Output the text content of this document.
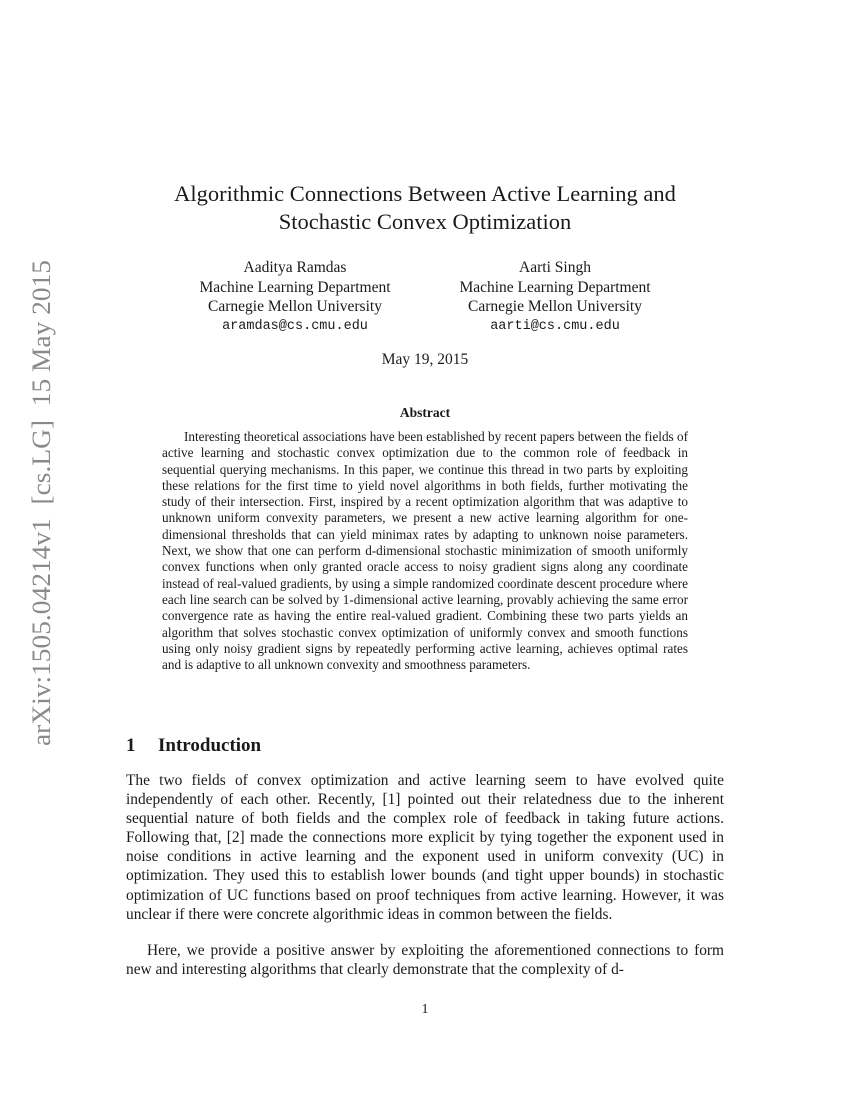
arXiv:1505.04214v1  [cs.LG]  15 May 2015
Algorithmic Connections Between Active Learning and
Stochastic Convex Optimization
Aaditya Ramdas
Machine Learning Department
Carnegie Mellon University
aramdas@cs.cmu.edu
Aarti Singh
Machine Learning Department
Carnegie Mellon University
aarti@cs.cmu.edu
May 19, 2015
Abstract
Interesting theoretical associations have been established by recent papers between the fields of active learning and stochastic convex optimization due to the common role of feedback in sequential querying mechanisms. In this paper, we continue this thread in two parts by exploiting these relations for the first time to yield novel algorithms in both fields, further motivating the study of their intersection. First, inspired by a recent optimization algorithm that was adaptive to unknown uniform convexity parameters, we present a new active learning algorithm for one-dimensional thresholds that can yield minimax rates by adapting to unknown noise parameters. Next, we show that one can perform d-dimensional stochastic minimization of smooth uniformly convex functions when only granted oracle access to noisy gradient signs along any coordinate instead of real-valued gradients, by using a simple randomized coordinate descent procedure where each line search can be solved by 1-dimensional active learning, provably achieving the same error convergence rate as having the entire real-valued gradient. Combining these two parts yields an algorithm that solves stochastic convex optimization of uniformly convex and smooth functions using only noisy gradient signs by repeatedly performing active learning, achieves optimal rates and is adaptive to all unknown convexity and smoothness parameters.
1 Introduction
The two fields of convex optimization and active learning seem to have evolved quite independently of each other. Recently, [1] pointed out their relatedness due to the inherent sequential nature of both fields and the complex role of feedback in taking future actions. Following that, [2] made the connections more explicit by tying together the exponent used in noise conditions in active learning and the exponent used in uniform convexity (UC) in optimization. They used this to establish lower bounds (and tight upper bounds) in stochastic optimization of UC functions based on proof techniques from active learning. However, it was unclear if there were concrete algorithmic ideas in common between the fields.
Here, we provide a positive answer by exploiting the aforementioned connections to form new and interesting algorithms that clearly demonstrate that the complexity of d-
1
